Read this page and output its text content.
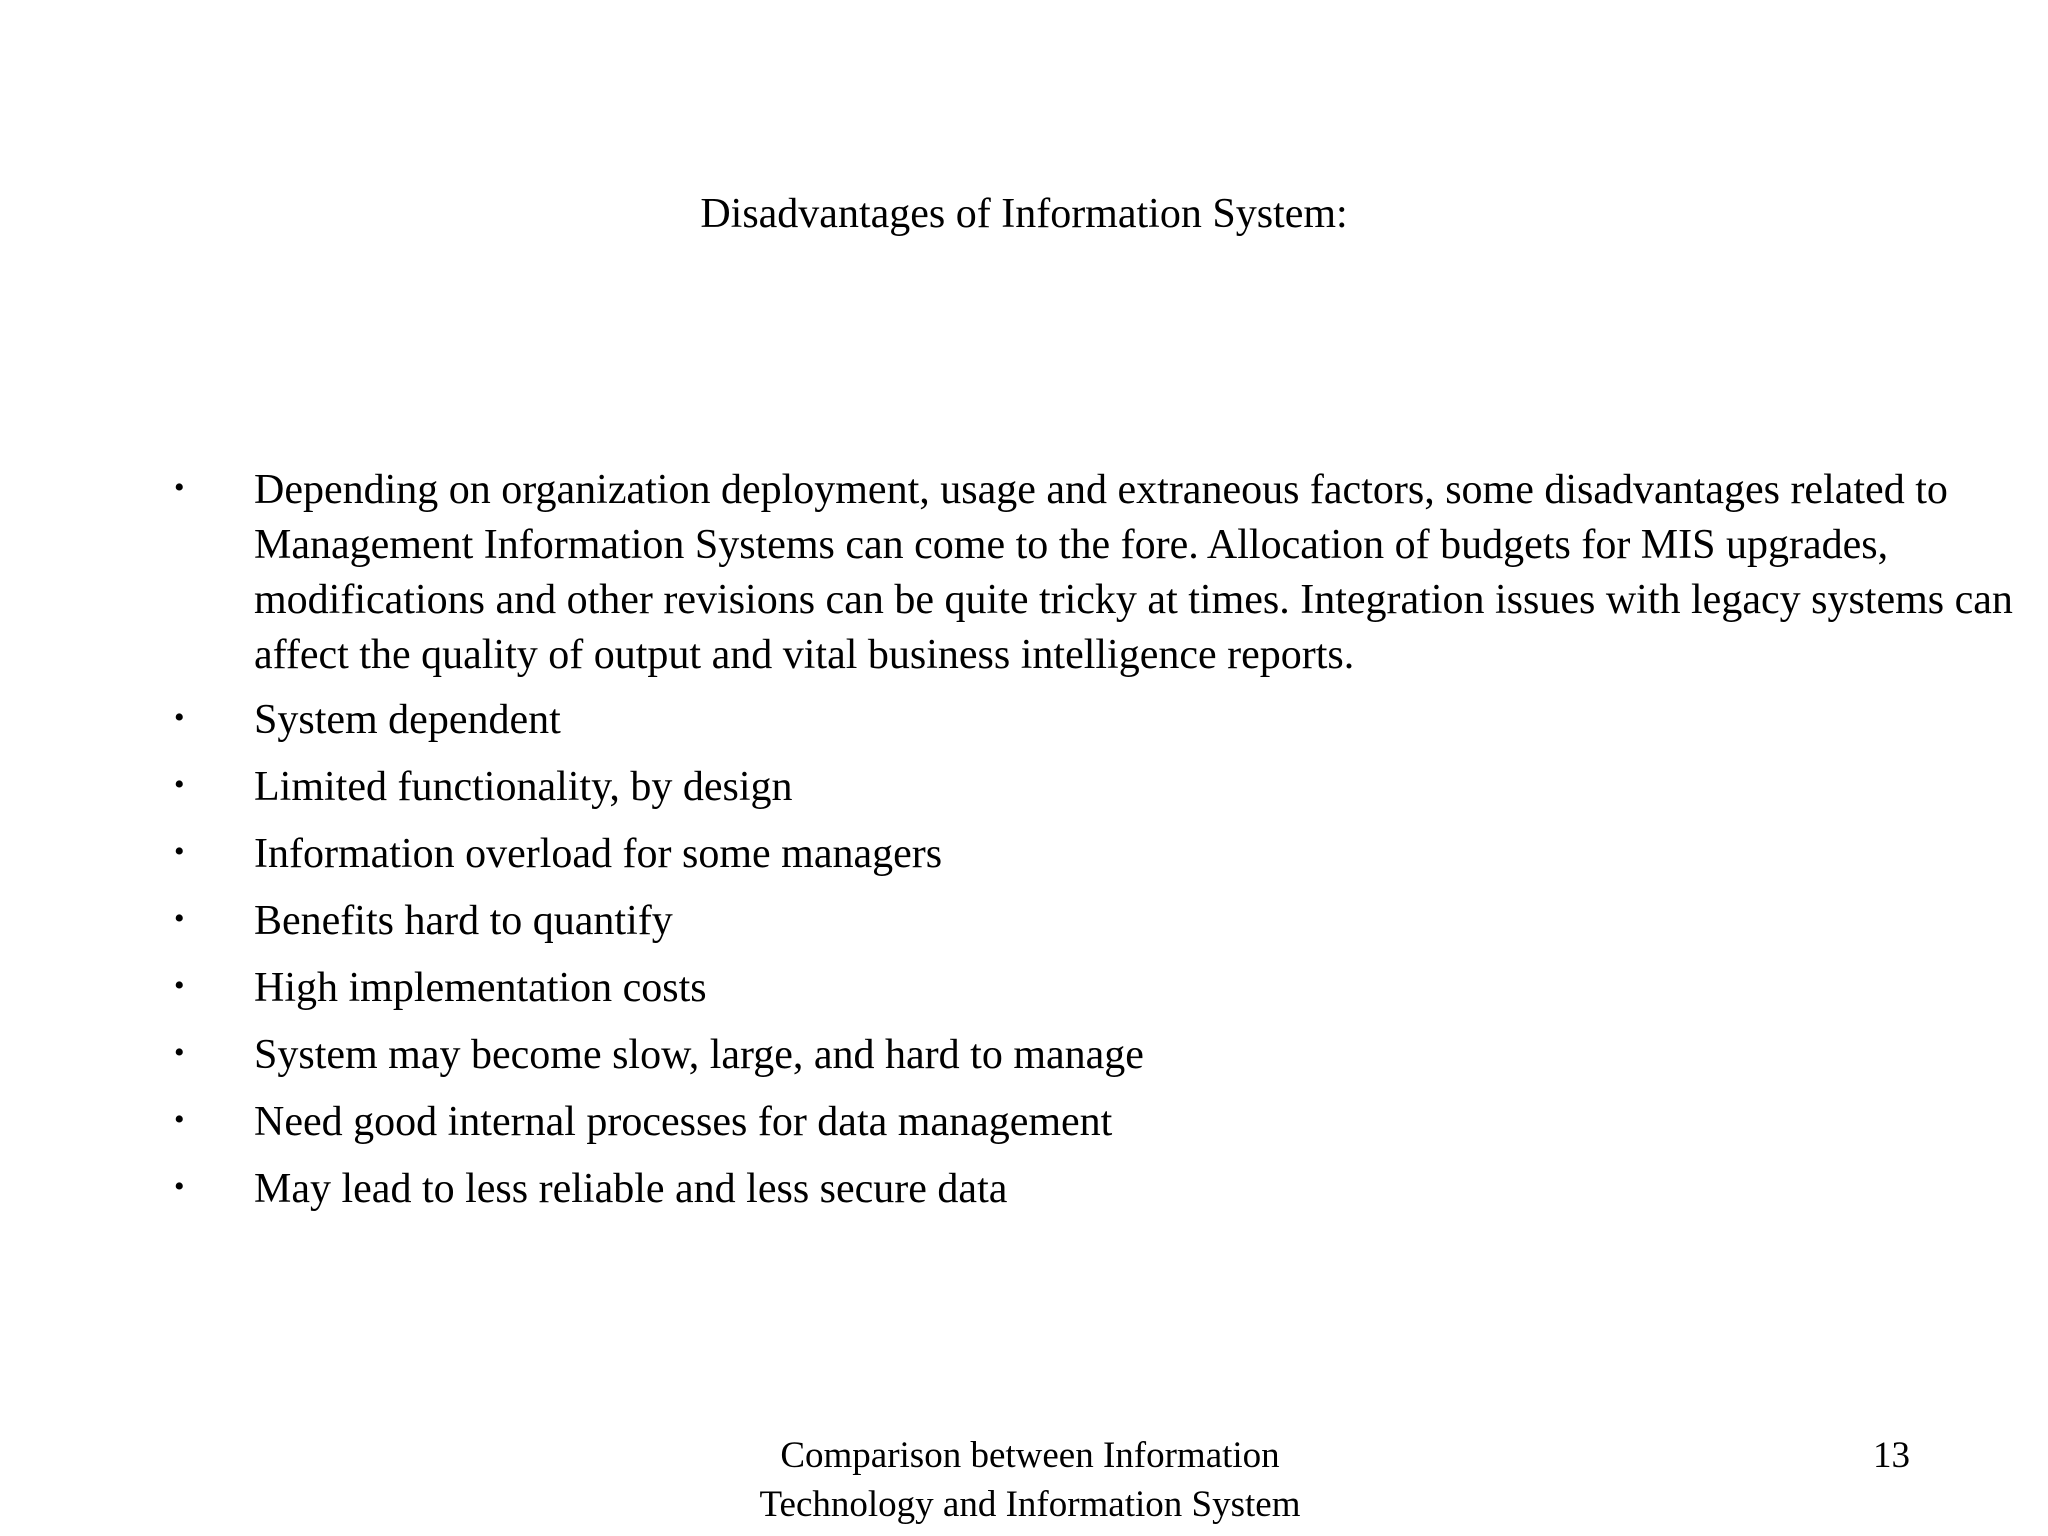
Disadvantages of Information System:
•	Depending on organization deployment, usage and extraneous factors, some disadvantages related to Management Information Systems can come to the fore. Allocation of budgets for MIS upgrades, modifications and other revisions can be quite tricky at times. Integration issues with legacy systems can affect the quality of output and vital business intelligence reports.
•	System dependent
•	Limited functionality, by design
•	Information overload for some managers
•	Benefits hard to quantify
•	High implementation costs
•	System may become slow, large, and hard to manage
•	Need good internal processes for data management
•	May lead to less reliable and less secure data
Comparison between Information
Technology and Information System
13
